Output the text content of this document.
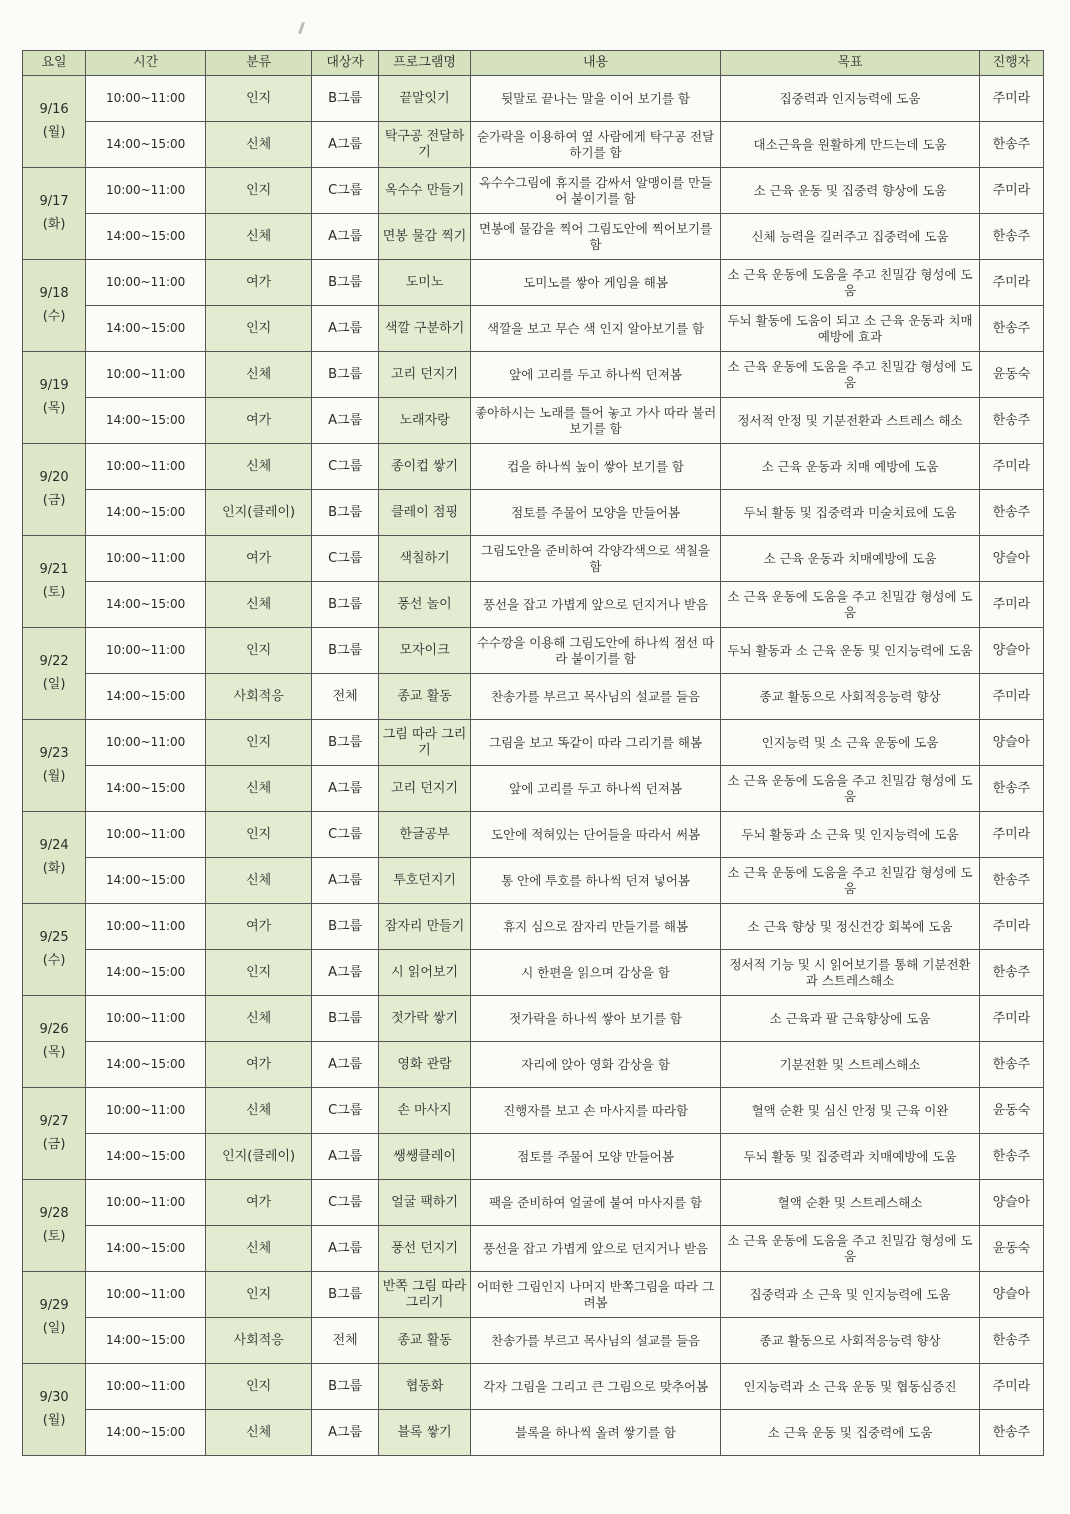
요일	시간	분류	대상자	프로그램명	내용	목표	진행자

9/16
(월)	10:00~11:00	인지	B그룹	끝말잇기	뒷말로 끝나는 말을 이어 보기를 함	집중력과 인지능력에 도움	주미라
	14:00~15:00	신체	A그룹	탁구공 전달하기	숟가락을 이용하여 옆 사람에게 탁구공 전달하기를 함	대소근육을 원활하게 만드는데 도움	한송주

9/17
(화)	10:00~11:00	인지	C그룹	옥수수 만들기	옥수수그림에 휴지를 감싸서 알맹이를 만들어 붙이기를 함	소 근육 운동 및 집중력 향상에 도움	주미라
	14:00~15:00	신체	A그룹	면봉 물감 찍기	면봉에 물감을 찍어 그림도안에 찍어보기를 함	신체 능력을 길러주고 집중력에 도움	한송주

9/18
(수)	10:00~11:00	여가	B그룹	도미노	도미노를 쌓아 게임을 해봄	소 근육 운동에 도움을 주고 친밀감 형성에 도움	주미라
	14:00~15:00	인지	A그룹	색깔 구분하기	색깔을 보고 무슨 색 인지 알아보기를 함	두뇌 활동에 도움이 되고 소 근육 운동과 치매예방에 효과	한송주

9/19
(목)	10:00~11:00	신체	B그룹	고리 던지기	앞에 고리를 두고 하나씩 던져봄	소 근육 운동에 도움을 주고 친밀감 형성에 도움	윤동숙
	14:00~15:00	여가	A그룹	노래자랑	좋아하시는 노래를 틀어 놓고 가사 따라 불러보기를 함	정서적 안정 및 기분전환과 스트레스 해소	한송주

9/20
(금)	10:00~11:00	신체	C그룹	종이컵 쌓기	컵을 하나씩 높이 쌓아 보기를 함	소 근육 운동과 치매 예방에 도움	주미라
	14:00~15:00	인지(클레이)	B그룹	클레이 점핑	점토를 주물어 모양을 만들어봄	두뇌 활동 및 집중력과 미술치료에 도움	한송주

9/21
(토)	10:00~11:00	여가	C그룹	색칠하기	그림도안을 준비하여 각양각색으로 색칠을 함	소 근육 운동과 치매예방에 도움	양슬아
	14:00~15:00	신체	B그룹	풍선 놀이	풍선을 잡고 가볍게 앞으로 던지거나 받음	소 근육 운동에 도움을 주고 친밀감 형성에 도움	주미라

9/22
(일)	10:00~11:00	인지	B그룹	모자이크	수수깡을 이용해 그림도안에 하나씩 점선 따라 붙이기를 함	두뇌 활동과 소 근육 운동 및 인지능력에 도움	양슬아
	14:00~15:00	사회적응	전체	종교 활동	찬송가를 부르고 목사님의 설교를 들음	종교 활동으로 사회적응능력 향상	주미라

9/23
(월)	10:00~11:00	인지	B그룹	그림 따라 그리기	그림을 보고 똑같이 따라 그리기를 해봄	인지능력 및 소 근육 운동에 도움	양슬아
	14:00~15:00	신체	A그룹	고리 던지기	앞에 고리를 두고 하나씩 던져봄	소 근육 운동에 도움을 주고 친밀감 형성에 도움	한송주

9/24
(화)	10:00~11:00	인지	C그룹	한글공부	도안에 적혀있는 단어들을 따라서 써봄	두뇌 활동과 소 근육 및 인지능력에 도움	주미라
	14:00~15:00	신체	A그룹	투호던지기	통 안에 투호를 하나씩 던져 넣어봄	소 근육 운동에 도움을 주고 친밀감 형성에 도움	한송주

9/25
(수)	10:00~11:00	여가	B그룹	잠자리 만들기	휴지 심으로 잠자리 만들기를 해봄	소 근육 향상 및 정신건강 회복에 도움	주미라
	14:00~15:00	인지	A그룹	시 읽어보기	시 한편을 읽으며 감상을 함	정서적 기능 및 시 읽어보기를 통해 기분전환과 스트레스해소	한송주

9/26
(목)	10:00~11:00	신체	B그룹	젓가락 쌓기	젓가락을 하나씩 쌓아 보기를 함	소 근육과 팔 근육향상에 도움	주미라
	14:00~15:00	여가	A그룹	영화 관람	자리에 앉아 영화 감상을 함	기분전환 및 스트레스해소	한송주

9/27
(금)	10:00~11:00	신체	C그룹	손 마사지	진행자를 보고 손 마사지를 따라함	혈액 순환 및 심신 안정 및 근육 이완	윤동숙
	14:00~15:00	인지(클레이)	A그룹	쌩쌩클레이	점토를 주물어 모양 만들어봄	두뇌 활동 및 집중력과 치매예방에 도움	한송주

9/28
(토)	10:00~11:00	여가	C그룹	얼굴 팩하기	팩을 준비하여 얼굴에 붙여 마사지를 함	혈액 순환 및 스트레스해소	양슬아
	14:00~15:00	신체	A그룹	풍선 던지기	풍선을 잡고 가볍게 앞으로 던지거나 받음	소 근육 운동에 도움을 주고 친밀감 형성에 도움	윤동숙

9/29
(일)	10:00~11:00	인지	B그룹	반쪽 그림 따라 그리기	어떠한 그림인지 나머지 반쪽그림을 따라 그려봄	집중력과 소 근육 및 인지능력에 도움	양슬아
	14:00~15:00	사회적응	전체	종교 활동	찬송가를 부르고 목사님의 설교를 들음	종교 활동으로 사회적응능력 향상	한송주

9/30
(월)	10:00~11:00	인지	B그룹	협동화	각자 그림을 그리고 큰 그림으로 맞추어봄	인지능력과 소 근육 운동 및 협동심증진	주미라
	14:00~15:00	신체	A그룹	블록 쌓기	블록을 하나씩 올려 쌓기를 함	소 근육 운동 및 집중력에 도움	한송주
